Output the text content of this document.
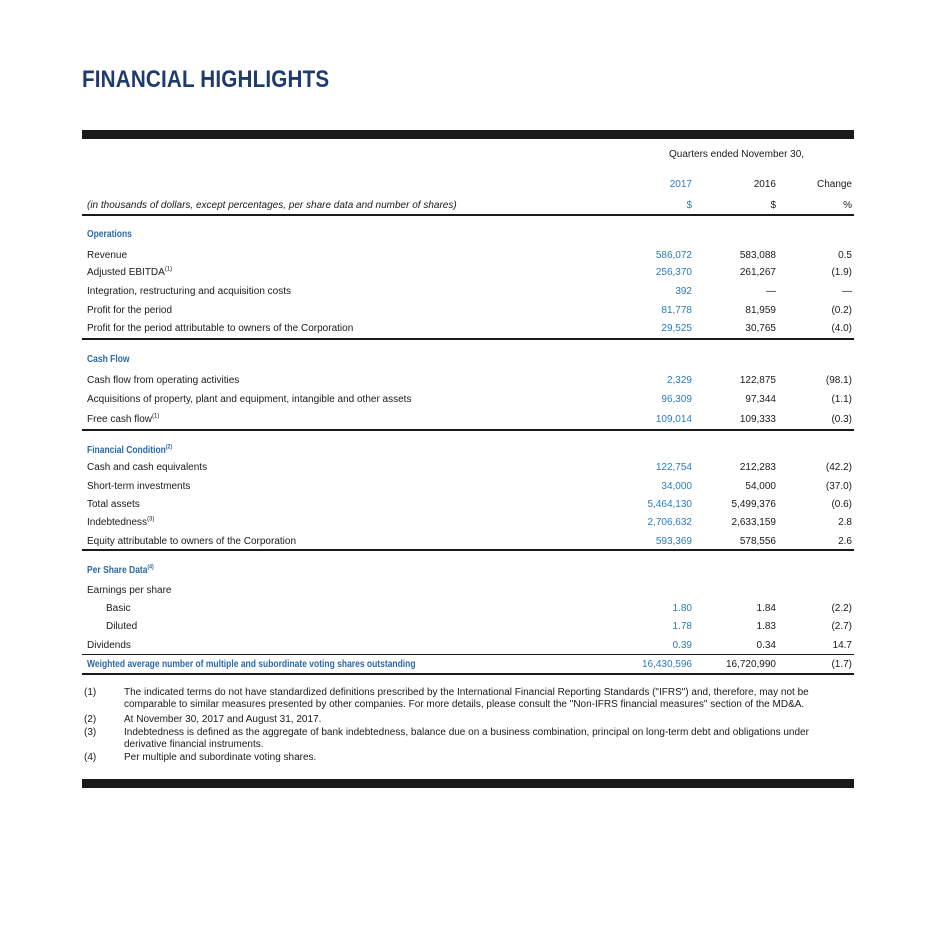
FINANCIAL HIGHLIGHTS
Quarters ended November 30,
2017	2016	Change
(in thousands of dollars, except percentages, per share data and number of shares)	$	$	%
Operations
Revenue	586,072	583,088	0.5
Adjusted EBITDA$^{(1)}$	256,370	261,267	(1.9)
Integration, restructuring and acquisition costs	392	—	—
Profit for the period	81,778	81,959	(0.2)
Profit for the period attributable to owners of the Corporation	29,525	30,765	(4.0)
Cash Flow
Cash flow from operating activities	2,329	122,875	(98.1)
Acquisitions of property, plant and equipment, intangible and other assets	96,309	97,344	(1.1)
Free cash flow$^{(1)}$	109,014	109,333	(0.3)
Financial Condition$^{(2)}$
Cash and cash equivalents	122,754	212,283	(42.2)
Short-term investments	34,000	54,000	(37.0)
Total assets	5,464,130	5,499,376	(0.6)
Indebtedness$^{(3)}$	2,706,632	2,633,159	2.8
Equity attributable to owners of the Corporation	593,369	578,556	2.6
Per Share Data$^{(4)}$
Earnings per share
Basic	1.80	1.84	(2.2)
Diluted	1.78	1.83	(2.7)
Dividends	0.39	0.34	14.7
Weighted average number of multiple and subordinate voting shares outstanding	16,430,596	16,720,990	(1.7)
(1)	The indicated terms do not have standardized definitions prescribed by the International Financial Reporting Standards ("IFRS") and, therefore, may not be comparable to similar measures presented by other companies. For more details, please consult the "Non-IFRS financial measures" section of the MD&A.
(2)	At November 30, 2017 and August 31, 2017.
(3)	Indebtedness is defined as the aggregate of bank indebtedness, balance due on a business combination, principal on long-term debt and obligations under derivative financial instruments.
(4)	Per multiple and subordinate voting shares.
